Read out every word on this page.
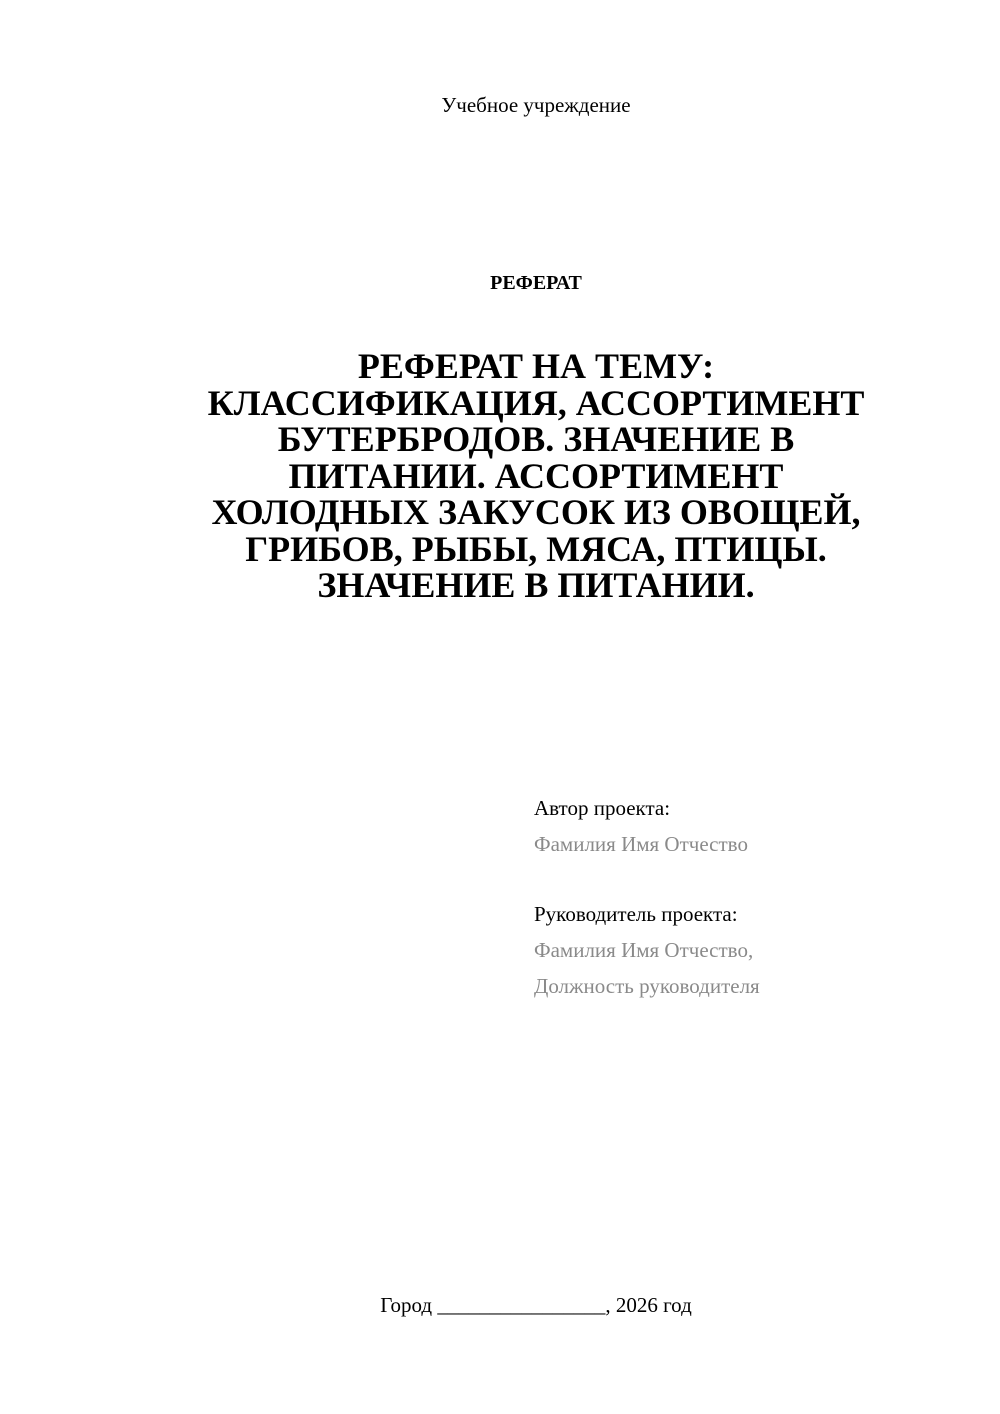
Учебное учреждение
РЕФЕРАТ
РЕФЕРАТ НА ТЕМУ:
КЛАССИФИКАЦИЯ, АССОРТИМЕНТ
БУТЕРБРОДОВ. ЗНАЧЕНИЕ В
ПИТАНИИ. АССОРТИМЕНТ
ХОЛОДНЫХ ЗАКУСОК ИЗ ОВОЩЕЙ,
ГРИБОВ, РЫБЫ, МЯСА, ПТИЦЫ.
ЗНАЧЕНИЕ В ПИТАНИИ.
Автор проекта:
Фамилия Имя Отчество
Руководитель проекта:
Фамилия Имя Отчество,
Должность руководителя
Город ________________, 2026 год
